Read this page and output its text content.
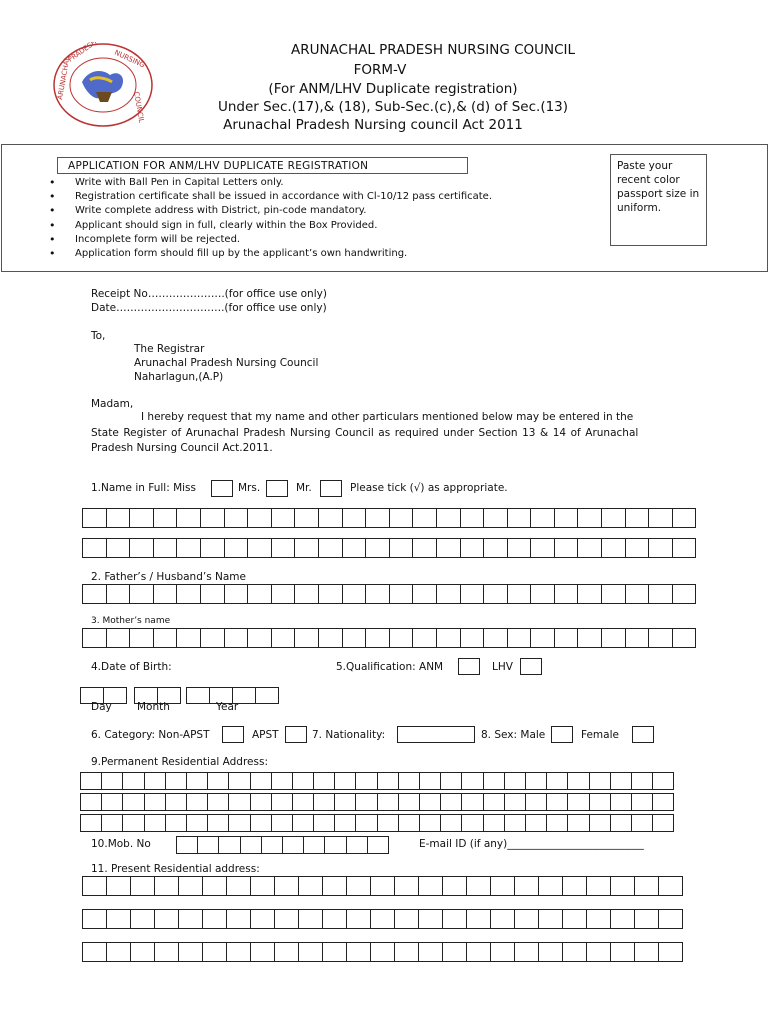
PRADESH NURSING
COUNCIL
ARUNACHAL
ARUNACHAL PRADESH NURSING COUNCIL
FORM-V
(For ANM/LHV Duplicate registration)
Under Sec.(17),& (18), Sub-Sec.(c),& (d) of Sec.(13)
Arunachal Pradesh Nursing council Act 2011
APPLICATION FOR ANM/LHV DUPLICATE REGISTRATION
• Write with Ball Pen in Capital Letters only.
• Registration certificate shall be issued in accordance with Cl-10/12 pass certificate.
• Write complete address with District, pin-code mandatory.
• Applicant should sign in full, clearly within the Box Provided.
• Incomplete form will be rejected.
• Application form should fill up by the applicant’s own handwriting.
Paste your recent color passport size in uniform.
Receipt No………………….(for office use only)
Date………………………….(for office use only)
To,
The Registrar
Arunachal Pradesh Nursing Council
Naharlagun,(A.P)
Madam,
I hereby request that my name and other particulars mentioned below may be entered in the
State Register of Arunachal Pradesh Nursing Council as required under Section 13 & 14 of Arunachal
Pradesh Nursing Council Act.2011.
1.Name in Full: Miss	Mrs.	Mr.	Please tick (√) as appropriate.
2. Father’s / Husband’s Name
3. Mother’s name
4.Date of Birth:	5.Qualification: ANM	LHV
Day Month	Year
6. Category: Non-APST	APST	7. Nationality:	8. Sex: Male	Female
9.Permanent Residential Address:
10.Mob. No	E-mail ID (if any)__________________________
11. Present Residential address:
